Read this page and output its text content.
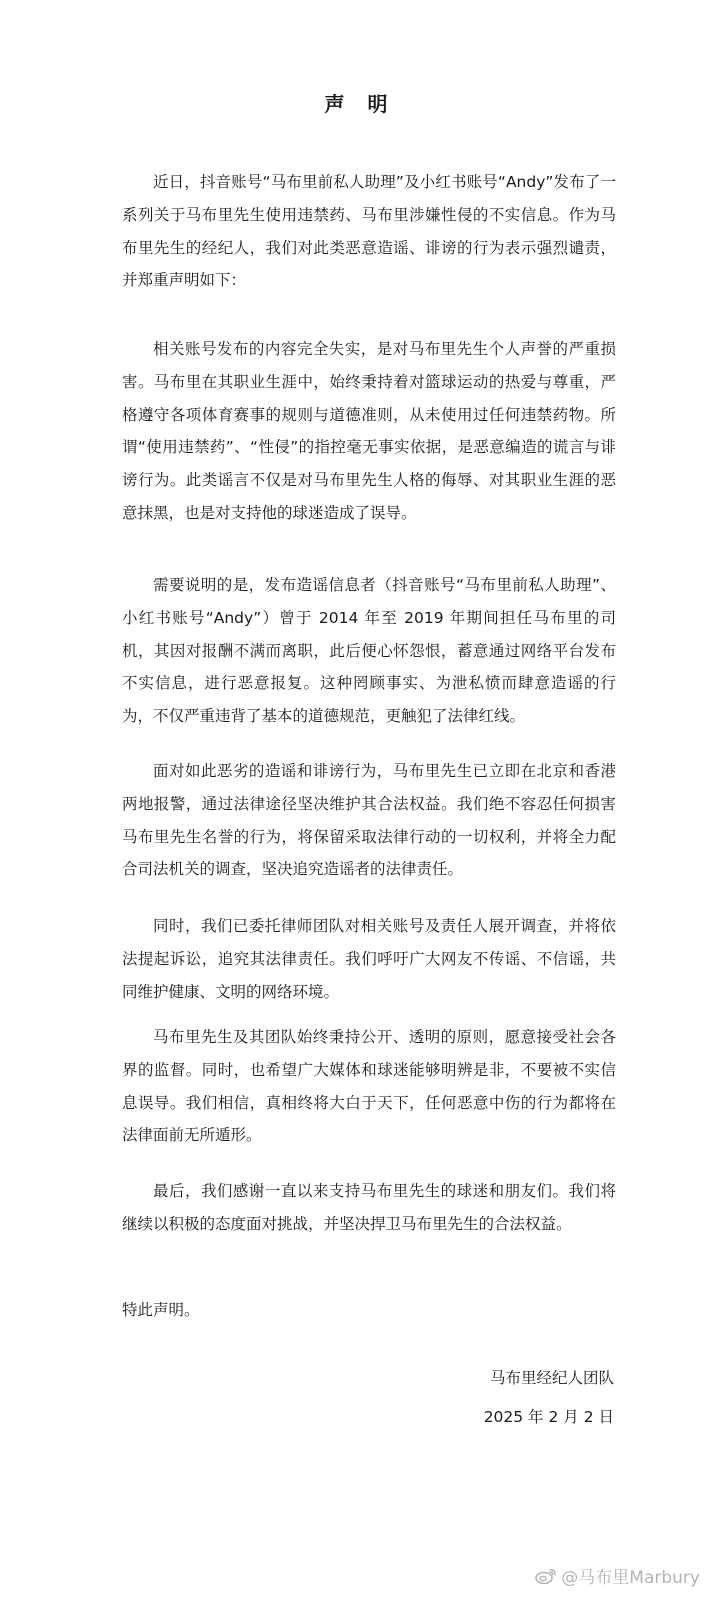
声 明

近日，抖音账号“马布里前私人助理”及小红书账号“Andy”发布了一系列关于马布里先生使用违禁药、马布里涉嫌性侵的不实信息。作为马布里先生的经纪人，我们对此类恶意造谣、诽谤的行为表示强烈谴责，并郑重声明如下：

相关账号发布的内容完全失实，是对马布里先生个人声誉的严重损害。马布里在其职业生涯中，始终秉持着对篮球运动的热爱与尊重，严格遵守各项体育赛事的规则与道德准则，从未使用过任何违禁药物。所谓“使用违禁药”、“性侵”的指控毫无事实依据，是恶意编造的谎言与诽谤行为。此类谣言不仅是对马布里先生人格的侮辱、对其职业生涯的恶意抹黑，也是对支持他的球迷造成了误导。

需要说明的是，发布造谣信息者（抖音账号“马布里前私人助理”、小红书账号“Andy”）曾于 2014 年至 2019 年期间担任马布里的司机，其因对报酬不满而离职，此后便心怀怨恨，蓄意通过网络平台发布不实信息，进行恶意报复。这种罔顾事实、为泄私愤而肆意造谣的行为，不仅严重违背了基本的道德规范，更触犯了法律红线。

面对如此恶劣的造谣和诽谤行为，马布里先生已立即在北京和香港两地报警，通过法律途径坚决维护其合法权益。我们绝不容忍任何损害马布里先生名誉的行为，将保留采取法律行动的一切权利，并将全力配合司法机关的调查，坚决追究造谣者的法律责任。

同时，我们已委托律师团队对相关账号及责任人展开调查，并将依法提起诉讼，追究其法律责任。我们呼吁广大网友不传谣、不信谣，共同维护健康、文明的网络环境。

马布里先生及其团队始终秉持公开、透明的原则，愿意接受社会各界的监督。同时，也希望广大媒体和球迷能够明辨是非，不要被不实信息误导。我们相信，真相终将大白于天下，任何恶意中伤的行为都将在法律面前无所遁形。

最后，我们感谢一直以来支持马布里先生的球迷和朋友们。我们将继续以积极的态度面对挑战，并坚决捍卫马布里先生的合法权益。

特此声明。

马布里经纪人团队
2025 年 2 月 2 日
@马布里Marbury
